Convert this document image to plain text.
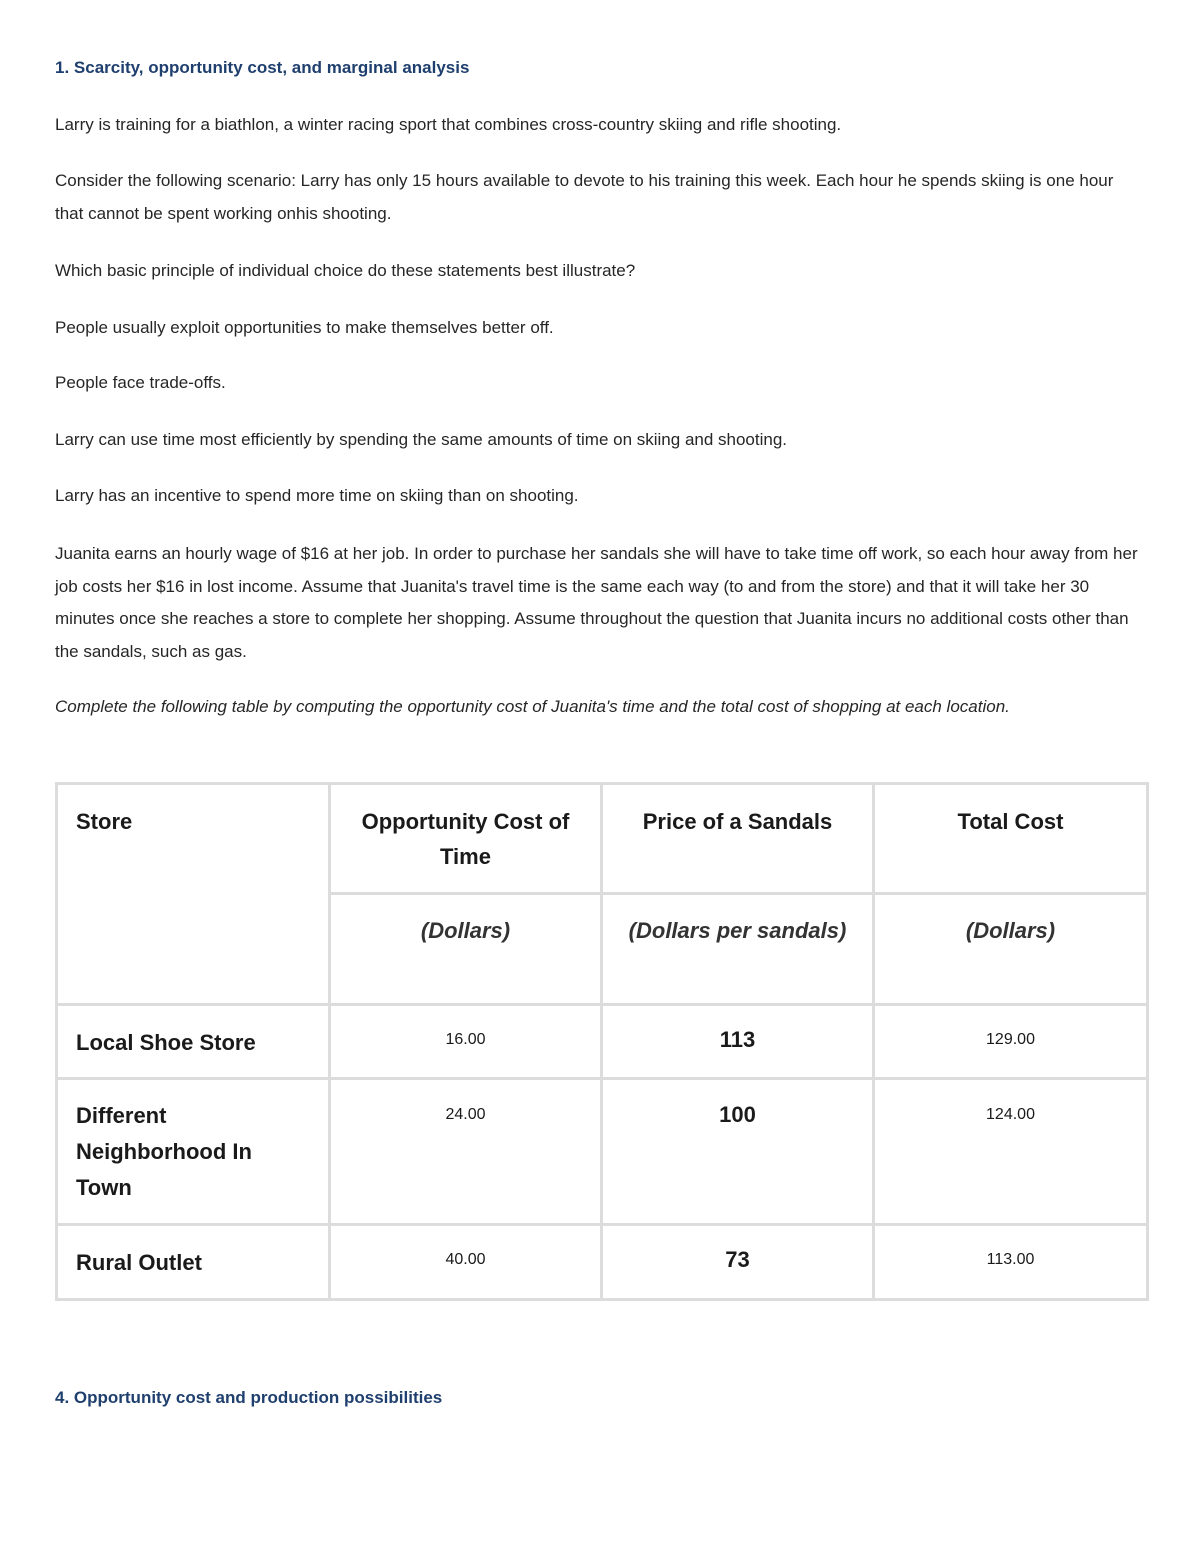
1. Scarcity, opportunity cost, and marginal analysis
Larry is training for a biathlon, a winter racing sport that combines cross-country skiing and rifle shooting.
Consider the following scenario: Larry has only 15 hours available to devote to his training this week. Each hour he spends skiing is one hour that cannot be spent working onhis shooting.
Which basic principle of individual choice do these statements best illustrate?
People usually exploit opportunities to make themselves better off.
People face trade-offs.
Larry can use time most efficiently by spending the same amounts of time on skiing and shooting.
Larry has an incentive to spend more time on skiing than on shooting.
Juanita earns an hourly wage of $16 at her job. In order to purchase her sandals she will have to take time off work, so each hour away from her job costs her $16 in lost income. Assume that Juanita's travel time is the same each way (to and from the store) and that it will take her 30 minutes once she reaches a store to complete her shopping. Assume throughout the question that Juanita incurs no additional costs other than the sandals, such as gas.
Complete the following table by computing the opportunity cost of Juanita's time and the total cost of shopping at each location.
Store	Opportunity Cost of Time	Price of a Sandals	Total Cost

	(Dollars)	(Dollars per sandals)	(Dollars)

Local Shoe Store	16.00	113	129.00

Different Neighborhood In Town	24.00	100	124.00

Rural Outlet	40.00	73	113.00
4. Opportunity cost and production possibilities
